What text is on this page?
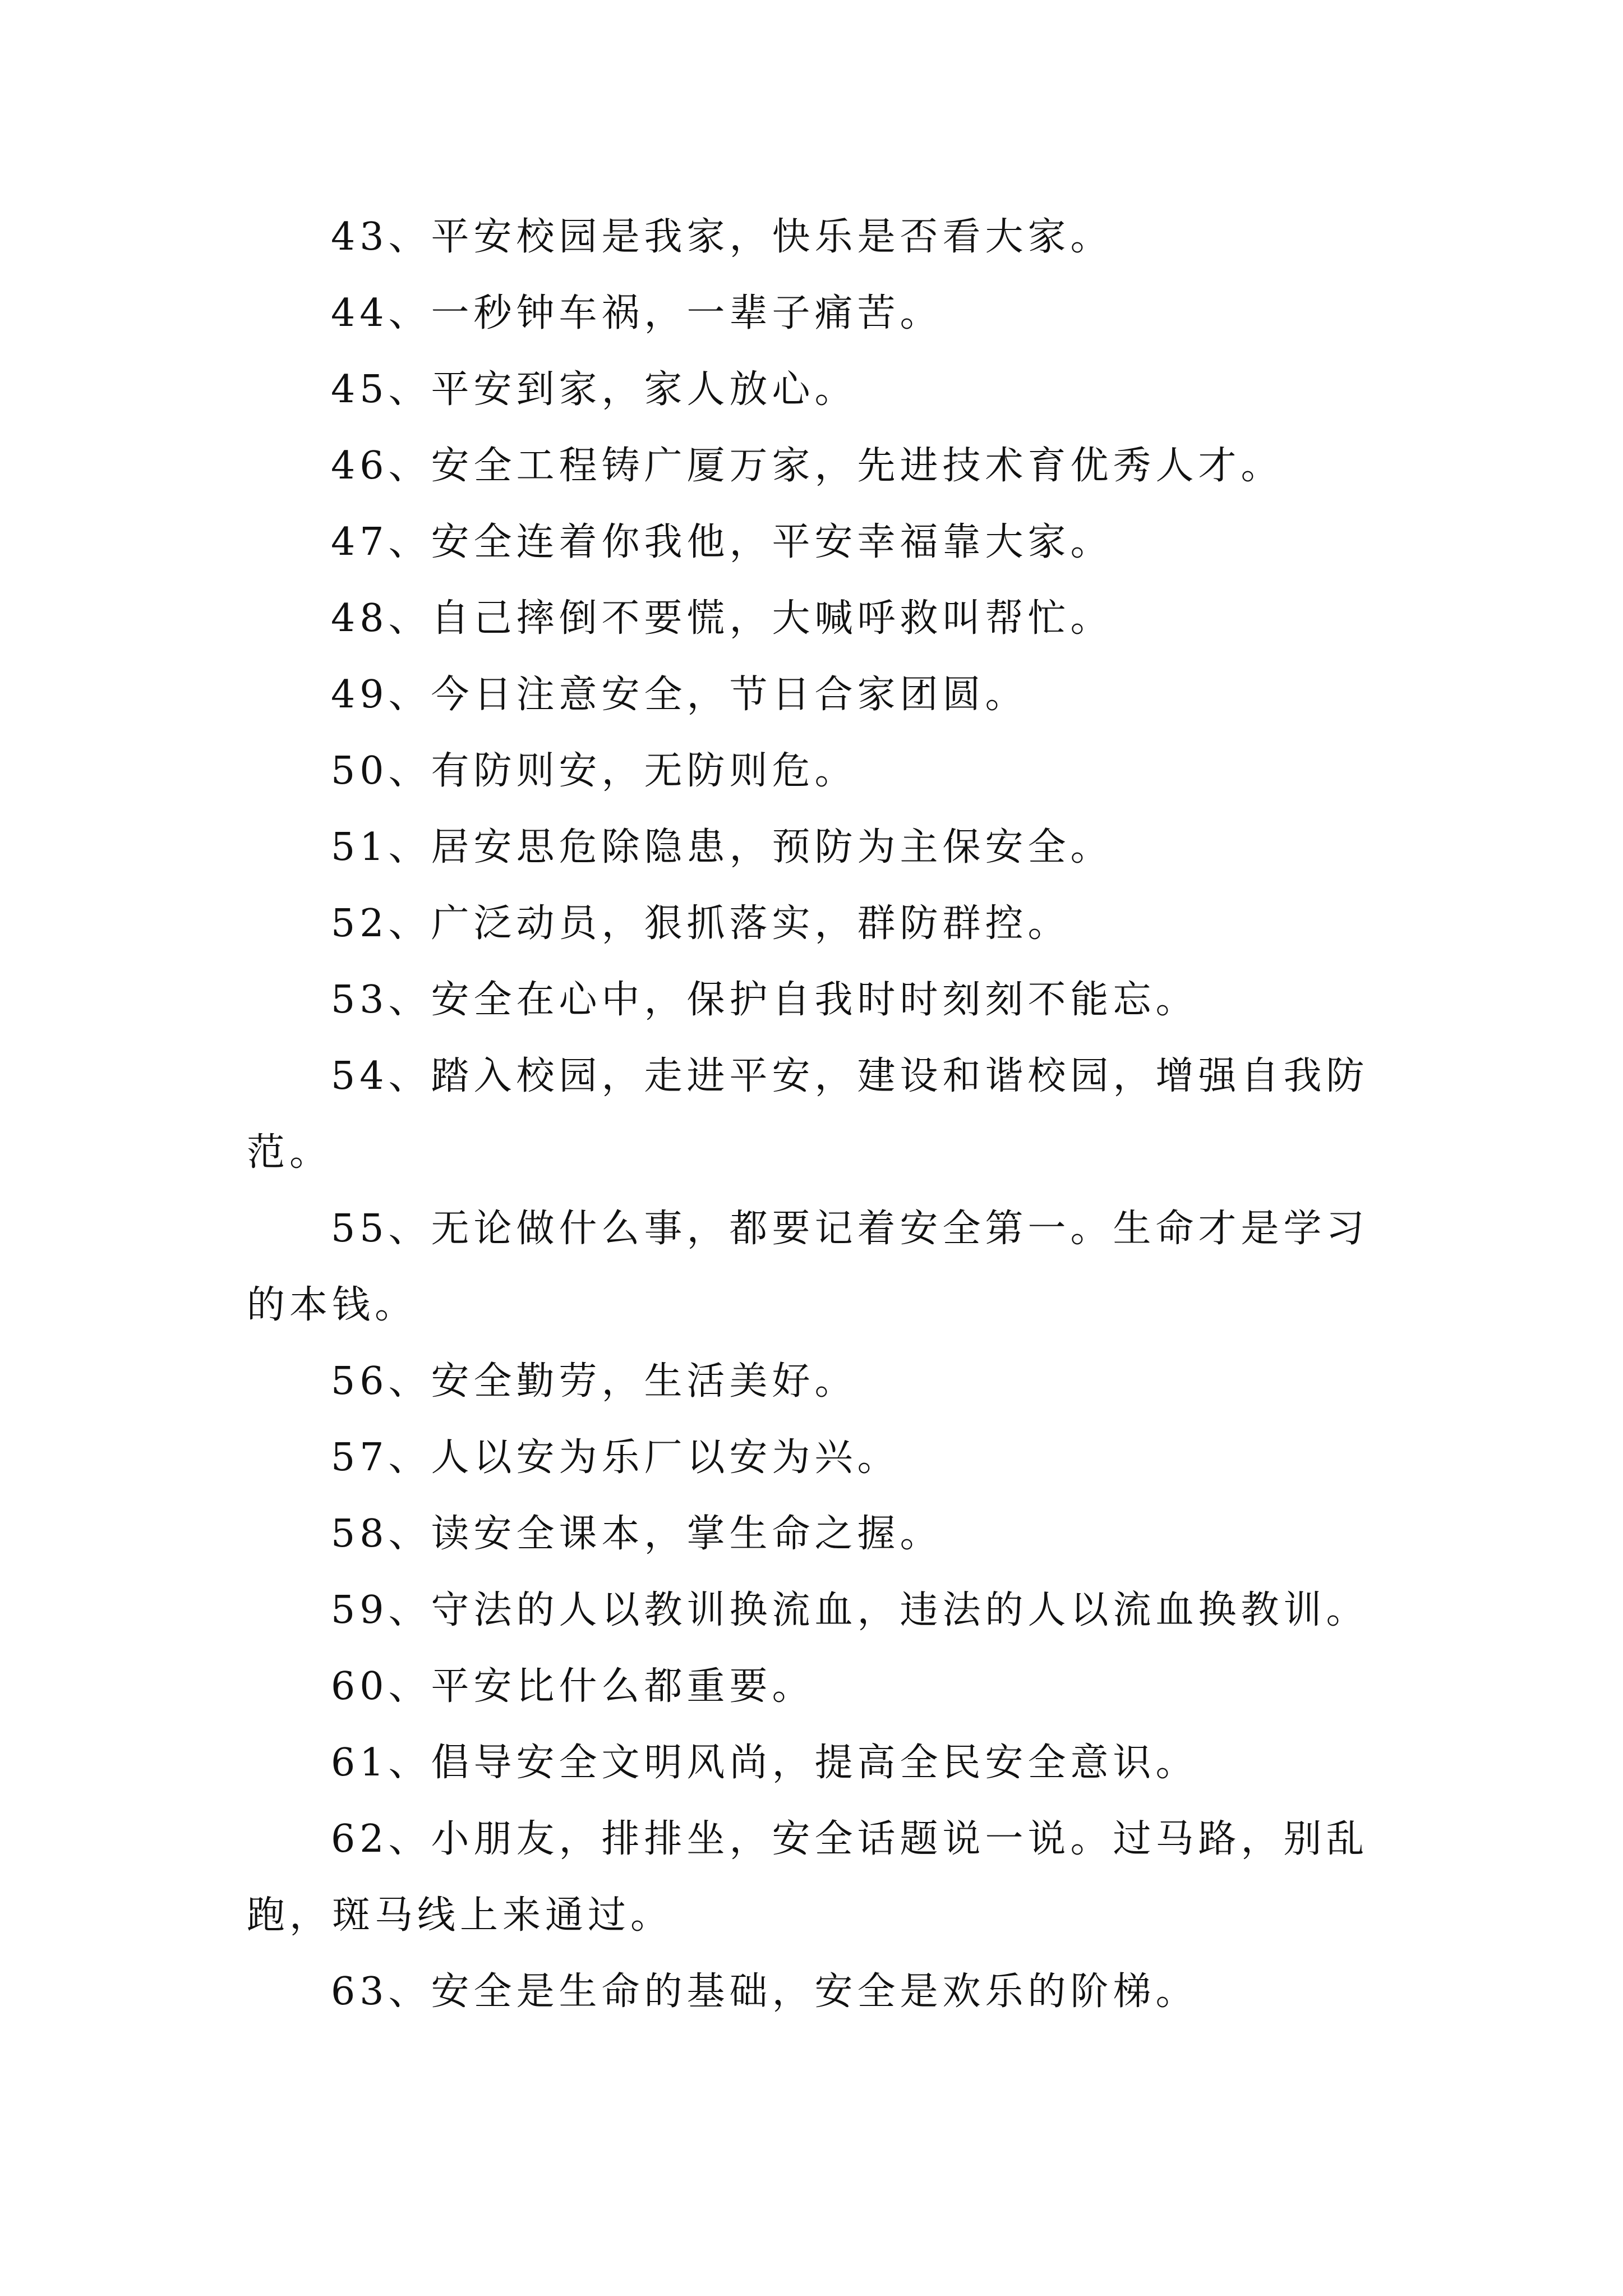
43、平安校园是我家，快乐是否看大家。

44、一秒钟车祸，一辈子痛苦。

45、平安到家，家人放心。

46、安全工程铸广厦万家，先进技术育优秀人才。

47、安全连着你我他，平安幸福靠大家。

48、自己摔倒不要慌，大喊呼救叫帮忙。

49、今日注意安全，节日合家团圆。

50、有防则安，无防则危。

51、居安思危除隐患，预防为主保安全。

52、广泛动员，狠抓落实，群防群控。

53、安全在心中，保护自我时时刻刻不能忘。

54、踏入校园，走进平安，建设和谐校园，增强自我防范。

55、无论做什么事，都要记着安全第一。生命才是学习的本钱。

56、安全勤劳，生活美好。

57、人以安为乐厂以安为兴。

58、读安全课本，掌生命之握。

59、守法的人以教训换流血，违法的人以流血换教训。

60、平安比什么都重要。

61、倡导安全文明风尚，提高全民安全意识。

62、小朋友，排排坐，安全话题说一说。过马路，别乱跑，斑马线上来通过。

63、安全是生命的基础，安全是欢乐的阶梯。
